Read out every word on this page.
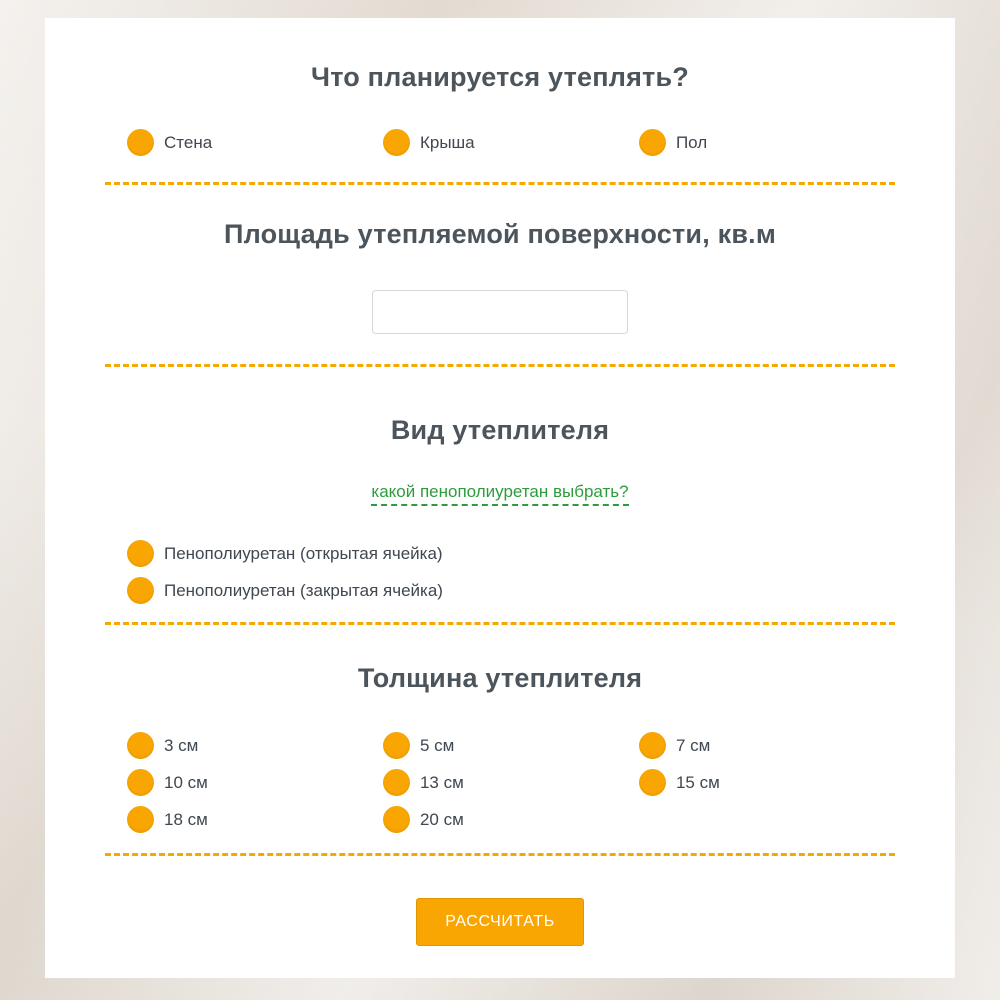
Что планируется утеплять?
Стена	Крыша	Пол
Площадь утепляемой поверхности, кв.м
Вид утеплителя
какой пенополиуретан выбрать?
Пенополиуретан (открытая ячейка)
Пенополиуретан (закрытая ячейка)
Толщина утеплителя
3 см	5 см	7 см
10 см	13 см	15 см
18 см	20 см
РАССЧИТАТЬ
